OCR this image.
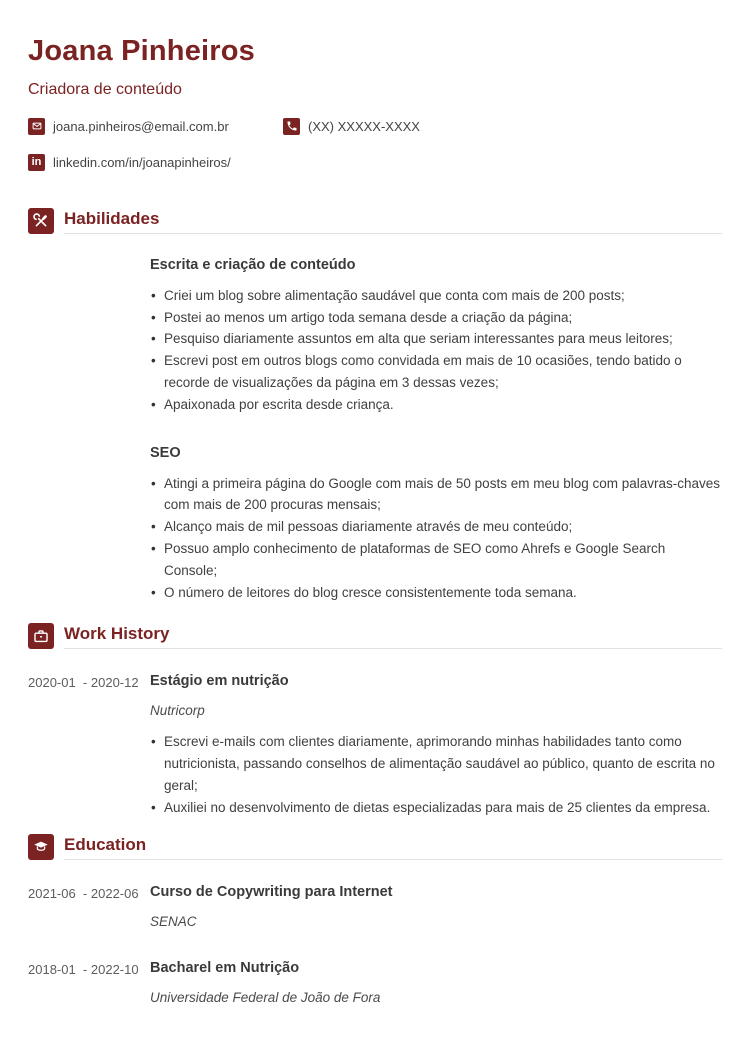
Joana Pinheiros
Criadora de conteúdo
joana.pinheiros@email.com.br	(XX) XXXXX-XXXX
in linkedin.com/in/joanapinheiros/
Habilidades
Escrita e criação de conteúdo
• Criei um blog sobre alimentação saudável que conta com mais de 200 posts;
• Postei ao menos um artigo toda semana desde a criação da página;
• Pesquiso diariamente assuntos em alta que seriam interessantes para meus leitores;
• Escrevi post em outros blogs como convidada em mais de 10 ocasiões, tendo batido o recorde de visualizações da página em 3 dessas vezes;
• Apaixonada por escrita desde criança.
SEO
• Atingi a primeira página do Google com mais de 50 posts em meu blog com palavras-chaves com mais de 200 procuras mensais;
• Alcanço mais de mil pessoas diariamente através de meu conteúdo;
• Possuo amplo conhecimento de plataformas de SEO como Ahrefs e Google Search Console;
• O número de leitores do blog cresce consistentemente toda semana.
Work History
2020-01  - 2020-12 Estágio em nutrição
Nutricorp
• Escrevi e-mails com clientes diariamente, aprimorando minhas habilidades tanto como nutricionista, passando conselhos de alimentação saudável ao público, quanto de escrita no geral;
• Auxiliei no desenvolvimento de dietas especializadas para mais de 25 clientes da empresa.
Education
2021-06  - 2022-06 Curso de Copywriting para Internet
SENAC
2018-01  - 2022-10 Bacharel em Nutrição
Universidade Federal de João de Fora
